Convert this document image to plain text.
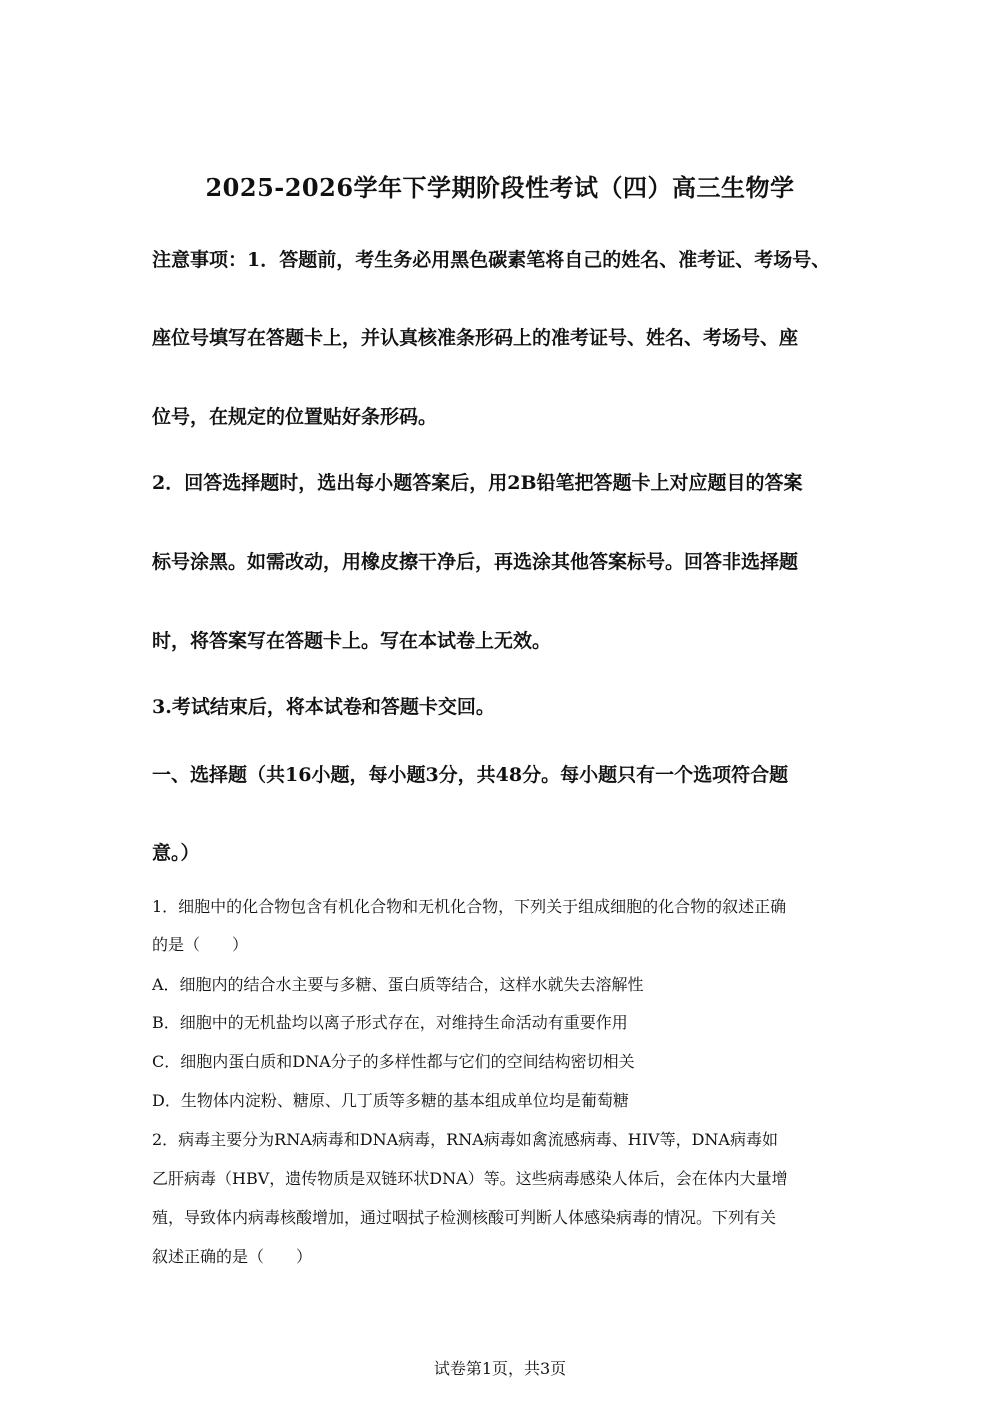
2025-2026学年下学期阶段性考试（四）高三生物学
注意事项：1．答题前，考生务必用黑色碳素笔将自己的姓名、准考证、考场号、
座位号填写在答题卡上，并认真核准条形码上的准考证号、姓名、考场号、座
位号，在规定的位置贴好条形码。
2．回答选择题时，选出每小题答案后，用2B铅笔把答题卡上对应题目的答案
标号涂黑。如需改动，用橡皮擦干净后，再选涂其他答案标号。回答非选择题
时，将答案写在答题卡上。写在本试卷上无效。
3.考试结束后，将本试卷和答题卡交回。
一、选择题（共16小题，每小题3分，共48分。每小题只有一个选项符合题
意。）
1．细胞中的化合物包含有机化合物和无机化合物，下列关于组成细胞的化合物的叙述正确
的是（　　）
A．细胞内的结合水主要与多糖、蛋白质等结合，这样水就失去溶解性
B．细胞中的无机盐均以离子形式存在，对维持生命活动有重要作用
C．细胞内蛋白质和DNA分子的多样性都与它们的空间结构密切相关
D．生物体内淀粉、糖原、几丁质等多糖的基本组成单位均是葡萄糖
2．病毒主要分为RNA病毒和DNA病毒，RNA病毒如禽流感病毒、HIV等，DNA病毒如
乙肝病毒（HBV，遗传物质是双链环状DNA）等。这些病毒感染人体后，会在体内大量增
殖，导致体内病毒核酸增加，通过咽拭子检测核酸可判断人体感染病毒的情况。下列有关
叙述正确的是（　　）
试卷第1页，共3页
